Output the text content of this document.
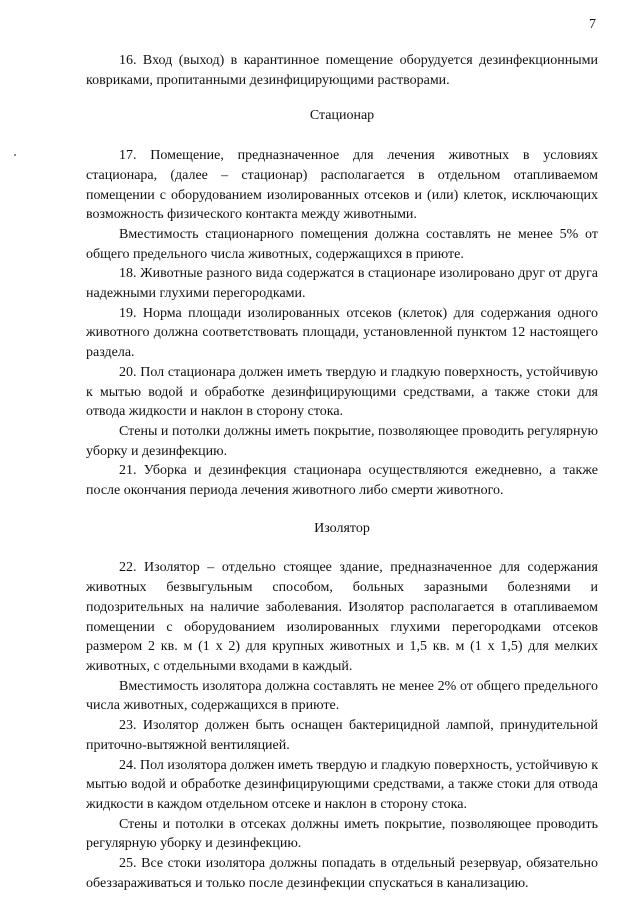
7

16. Вход (выход) в карантинное помещение оборудуется дезинфекционными ковриками, пропитанными дезинфицирующими растворами.

Стационар

17. Помещение, предназначенное для лечения животных в условиях стационара, (далее – стационар) располагается в отдельном отапливаемом помещении с оборудованием изолированных отсеков и (или) клеток, исключающих возможность физического контакта между животными.

Вместимость стационарного помещения должна составлять не менее 5% от общего предельного числа животных, содержащихся в приюте.

18. Животные разного вида содержатся в стационаре изолировано друг от друга надежными глухими перегородками.

19. Норма площади изолированных отсеков (клеток) для содержания одного животного должна соответствовать площади, установленной пунктом 12 настоящего раздела.

20. Пол стационара должен иметь твердую и гладкую поверхность, устойчивую к мытью водой и обработке дезинфицирующими средствами, а также стоки для отвода жидкости и наклон в сторону стока.

Стены и потолки должны иметь покрытие, позволяющее проводить регулярную уборку и дезинфекцию.

21. Уборка и дезинфекция стационара осуществляются ежедневно, а также после окончания периода лечения животного либо смерти животного.

Изолятор

22. Изолятор – отдельно стоящее здание, предназначенное для содержания животных безвыгульным способом, больных заразными болезнями и подозрительных на наличие заболевания. Изолятор располагается в отапливаемом помещении с оборудованием изолированных глухими перегородками отсеков размером 2 кв. м (1 х 2) для крупных животных и 1,5 кв. м (1 х 1,5) для мелких животных, с отдельными входами в каждый.

Вместимость изолятора должна составлять не менее 2% от общего предельного числа животных, содержащихся в приюте.

23. Изолятор должен быть оснащен бактерицидной лампой, принудительной приточно-вытяжной вентиляцией.

24. Пол изолятора должен иметь твердую и гладкую поверхность, устойчивую к мытью водой и обработке дезинфицирующими средствами, а также стоки для отвода жидкости в каждом отдельном отсеке и наклон в сторону стока.

Стены и потолки в отсеках должны иметь покрытие, позволяющее проводить регулярную уборку и дезинфекцию.

25. Все стоки изолятора должны попадать в отдельный резервуар, обязательно обеззараживаться и только после дезинфекции спускаться в канализацию.
